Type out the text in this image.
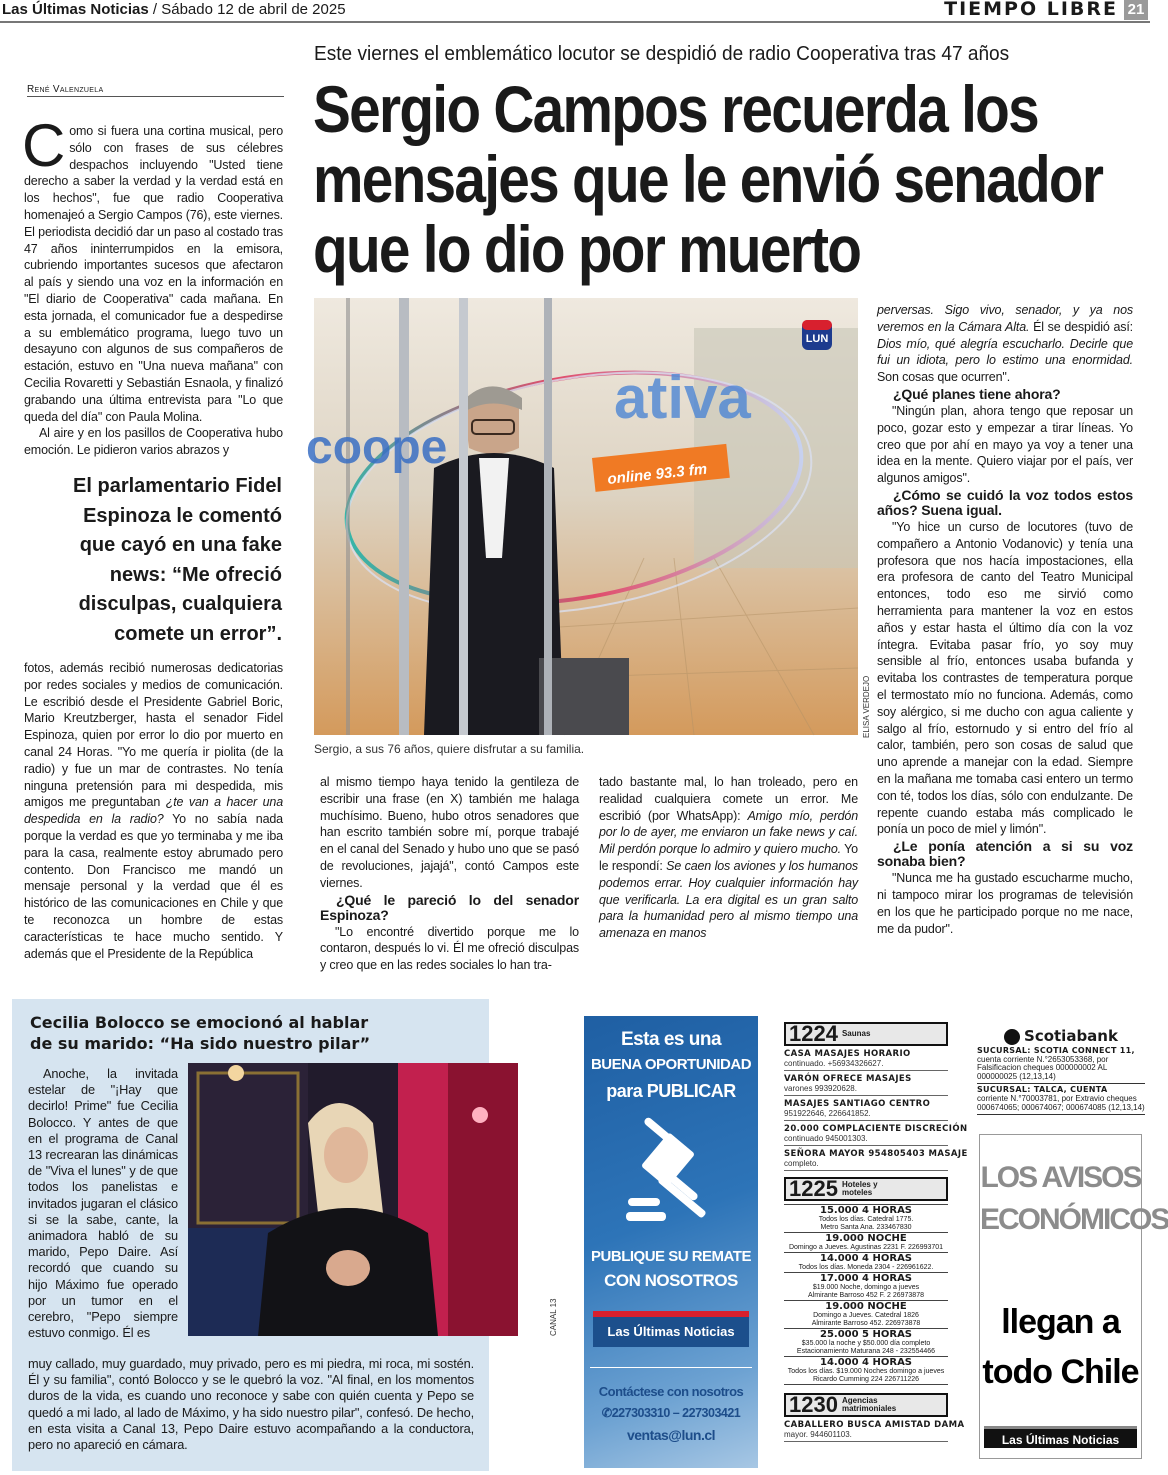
Las Últimas Noticias / Sábado 12 de abril de 2025	TIEMPO LIBRE 21
René Valenzuela
Este viernes el emblemático locutor se despidió de radio Cooperativa tras 47 años
Sergio Campos recuerda los
mensajes que le envió senador
que lo dio por muerto

Como si fuera una cortina musical, pero sólo con frases de sus célebres despachos incluyendo "Usted tiene derecho a saber la verdad y la verdad está en los hechos", fue que radio Cooperativa homenajeó a Sergio Campos (76), este viernes. El periodista decidió dar un paso al costado tras 47 años ininterrumpidos en la emisora, cubriendo importantes sucesos que afectaron al país y siendo una voz en la información en "El diario de Cooperativa" cada mañana. En esta jornada, el comunicador fue a despedirse a su emblemático programa, luego tuvo un desayuno con algunos de sus compañeros de estación, estuvo en "Una nueva mañana" con Cecilia Rovaretti y Sebastián Esnaola, y finalizó grabando una última entrevista para "Lo que queda del día" con Paula Molina.

Al aire y en los pasillos de Cooperativa hubo emoción. Le pidieron varios abrazos y

El parlamentario Fidel Espinoza le comentó que cayó en una fake news: “Me ofreció disculpas, cualquiera comete un error”.

fotos, además recibió numerosas dedicatorias por redes sociales y medios de comunicación. Le escribió desde el Presidente Gabriel Boric, Mario Kreutzberger, hasta el senador Fidel Espinoza, quien por error lo dio por muerto en canal 24 Horas. "Yo me quería ir piolita (de la radio) y fue un mar de contrastes. No tenía ninguna pretensión para mi despedida, mis amigos me preguntaban ¿te van a hacer una despedida en la radio? Yo no sabía nada porque la verdad es que yo terminaba y me iba para la casa, realmente estoy abrumado pero contento. Don Francisco me mandó un mensaje personal y la verdad que él es histórico de las comunicaciones en Chile y que te reconozca un hombre de estas características te hace mucho sentido. Y además que el Presidente de la República

coope
ativa
online 93.3 fm
LUN
Sergio, a sus 76 años, quiere disfrutar a su familia.
ELISA VERDEJO

al mismo tiempo haya tenido la gentileza de escribir una frase (en X) también me halaga muchísimo. Bueno, hubo otros senadores que han escrito también sobre mí, porque trabajé en el canal del Senado y hubo uno que se pasó de revoluciones, jajajá", contó Campos este viernes.

¿Qué le pareció lo del senador Espinoza?

"Lo encontré divertido porque me lo contaron, después lo vi. Él me ofreció disculpas y creo que en las redes sociales lo han tra-

tado bastante mal, lo han troleado, pero en realidad cualquiera comete un error. Me escribió (por WhatsApp): Amigo mío, perdón por lo de ayer, me enviaron un fake news y caí. Mil perdón porque lo admiro y quiero mucho. Yo le respondí: Se caen los aviones y los humanos podemos errar. Hoy cualquier información hay que verificarla. La era digital es un gran salto para la humanidad pero al mismo tiempo una amenaza en manos

perversas. Sigo vivo, senador, y ya nos veremos en la Cámara Alta. Él se despidió así: Dios mío, qué alegría escucharlo. Decirle que fui un idiota, pero lo estimo una enormidad. Son cosas que ocurren".

¿Qué planes tiene ahora?

"Ningún plan, ahora tengo que reposar un poco, gozar esto y empezar a tirar líneas. Yo creo que por ahí en mayo ya voy a tener una idea en la mente. Quiero viajar por el país, ver algunos amigos".

¿Cómo se cuidó la voz todos estos años? Suena igual.

"Yo hice un curso de locutores (tuvo de compañero a Antonio Vodanovic) y tenía una profesora que nos hacía impostaciones, ella era profesora de canto del Teatro Municipal entonces, todo eso me sirvió como herramienta para mantener la voz en estos años y estar hasta el último día con la voz íntegra. Evitaba pasar frío, yo soy muy sensible al frío, entonces usaba bufanda y evitaba los contrastes de temperatura porque el termostato mío no funciona. Además, como soy alérgico, si me ducho con agua caliente y salgo al frío, estornudo y si entro del frío al calor, también, pero son cosas de salud que uno aprende a manejar con la edad. Siempre en la mañana me tomaba casi entero un termo con té, todos los días, sólo con endulzante. De repente cuando estaba más complicado le ponía un poco de miel y limón".

¿Le ponía atención a si su voz sonaba bien?

"Nunca me ha gustado escucharme mucho, ni tampoco mirar los programas de televisión en los que he participado porque no me nace, me da pudor".

Cecilia Bolocco se emocionó al hablar
de su marido: “Ha sido nuestro pilar”

Anoche, la invitada estelar de "¡Hay que decirlo! Prime" fue Cecilia Bolocco. Y antes de que en el programa de Canal 13 recrearan las dinámicas de "Viva el lunes" y de que todos los panelistas e invitados jugaran el clásico si se la sabe, cante, la animadora habló de su marido, Pepo Daire. Así recordó que cuando su hijo Máximo fue operado por un tumor en el cerebro, "Pepo siempre estuvo conmigo. Él es	CANAL 13

muy callado, muy guardado, muy privado, pero es mi piedra, mi roca, mi sostén. Él y su familia", contó Bolocco y se le quebró la voz. "Al final, en los momentos duros de la vida, es cuando uno reconoce y sabe con quién cuenta y Pepo se quedó a mi lado, al lado de Máximo, y ha sido nuestro pilar", confesó. De hecho, en esta visita a Canal 13, Pepo Daire estuvo acompañando a la conductora, pero no apareció en cámara.

Esta es una
BUENA OPORTUNIDAD
para PUBLICAR
PUBLIQUE SU REMATE
CON NOSOTROS
Las Últimas Noticias
Contáctese con nosotros
✆227303310 – 227303421
ventas@lun.cl
1224 Saunas
CASA MASAJES HORARIO
continuado. +56934326627.
VARÓN OFRECE MASAJES
varones 993920628.
MASAJES SANTIAGO CENTRO
951922646, 226641852.
20.000 COMPLACIENTE DISCRECIÓN
continuado 945001303.
SEÑORA MAYOR 954805403 MASAJE
completo.
1225 Hoteles y moteles
15.000 4 HORAS
Todos los días. Catedral 1775.
Metro Santa Ana. 233467830
19.000 NOCHE
Domingo a Jueves. Agustinas 2231 F. 226993701
14.000 4 HORAS
Todos los días. Moneda 2304 - 226961622.
17.000 4 HORAS
$19.000 Noche, domingo a jueves
Almirante Barroso 452 F. 2 26973878
19.000 NOCHE
Domingo a Jueves. Catedral 1826
Almirante Barroso 452. 226973878
25.000 5 HORAS
$35.000 la noche y $50.000 día completo
Estacionamiento Maturana 248 - 232554466
14.000 4 HORAS
Todos los días. $19.000 Noches domingo a jueves
Ricardo Cumming 224 226711226
1230 Agencias matrimoniales
CABALLERO BUSCA AMISTAD DAMA
mayor. 944601103.
Scotiabank
SUCURSAL: SCOTIA CONNECT 11,
cuenta corriente N.°2653053368, por Falsificacion cheques 000000002 AL 000000025 (12,13,14)
SUCURSAL: TALCA, CUENTA
corriente N.°70003781, por Extravio cheques 000674065; 000674067; 000674085 (12,13,14)
LOS AVISOS
ECONÓMICOS
llegan a
todo Chile
Las Últimas Noticias
